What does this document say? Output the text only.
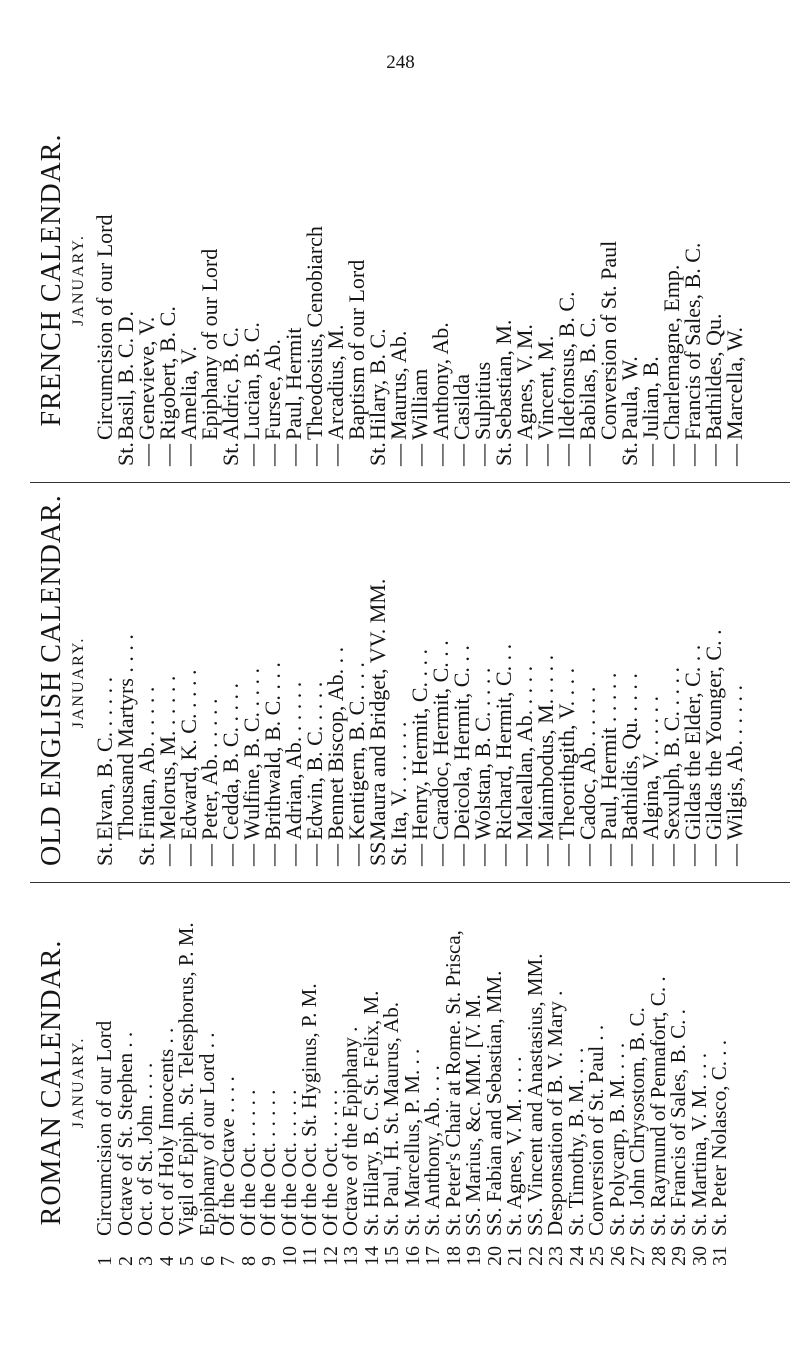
248
ROMAN CALENDAR. JANUARY.
1
Circumcision of our Lord
2
Octave of St. Stephen . .
3
Oct. of St. John . . . .
4
Oct of Holy Innocents . .
5
Vigil of Epiph. St. Telesphorus, P. M.
6
Epiphany of our Lord . .
7
Of the Octave . . . .
8
Of the Oct. . . . . .
9
Of the Oct. . . . . .
10
Of the Oct. . . . . .
11
Of the Oct. St. Hyginus, P. M.
12
Of the Oct. . . . . .
13
Octave of the Epiphany .
14
St. Hilary, B. C. St. Felix, M.
15
St. Paul, H. St. Maurus, Ab.
16
St. Marcellus, P. M. . .
17
St. Anthony, Ab. . . .
18
St. Peter's Chair at Rome. St. Prisca,
19
SS. Marius, &c. MM. [V. M.
20
SS. Fabian and Sebastian, MM.
21
St. Agnes, V. M. . . . .
22
SS. Vincent and Anastasius, MM.
23
Desponsation of B. V. Mary .
24
St. Timothy, B. M. . . .
25
Conversion of St. Paul . .
26
St. Polycarp, B. M. . . .
27
St. John Chrysostom, B. C.
28
St. Raymund of Pennafort, C. .
29
St. Francis of Sales, B. C. .
30
St. Martina, V. M. . . .
31
St. Peter Nolasco, C. . .
OLD ENGLISH CALENDAR. JANUARY.
St.
Elvan, B. C. . . . . .
Thousand Martyrs . . . .
St.
Fintan, Ab. . . . . .
—
Melorus, M. . . . . .
—
Edward, K. C. . . . .
—
Peter, Ab. . . . . .
—
Cedda, B. C. . . . .
—
Wulfine, B. C. . . . .
—
Brithwald, B. C. . . .
—
Adrian, Ab. . . . . .
—
Edwin, B. C. . . . .
—
Bennet Biscop, Ab. . .
—
Kentigern, B. C. . . .
SS.
Maura and Bridget, VV. MM.
St.
Ita, V. . . . . . .
—
Henry, Hermit, C. . . .
—
Caradoc, Hermit, C. . .
—
Deicola, Hermit, C. . .
—
Wolstan, B. C. . . . .
—
Richard, Hermit, C. . .
—
Maleallan, Ab. . . . .
—
Maimbodus, M. . . . .
—
Theorithgith, V. . . .
—
Cadoc, Ab. . . . . .
—
Paul, Hermit . . . . .
—
Bathildis, Qu. . . . .
—
Algina, V. . . . . .
—
Sexulph, B. C. . . . .
—
Gildas the Elder, C. . .
—
Gildas the Younger, C. .
—
Wilgis, Ab. . . . . .
FRENCH CALENDAR. JANUARY. Circumcision of our Lord
St.
Basil, B. C. D.
—
Genevieve, V.
—
Rigobert, B. C.
—
Amelia, V.
Epiphany of our Lord
St.
Aldric, B. C.
—
Lucian, B. C.
—
Fursee, Ab.
—
Paul, Hermit
—
Theodosius, Cenobiarch
—
Arcadius, M.
Baptism of our Lord
St.
Hilary, B. C.
—
Maurus, Ab.
—
William
—
Anthony, Ab.
—
Casilda
—
Sulpitius
St.
Sebastian, M.
—
Agnes, V. M.
—
Vincent, M.
—
Ildefonsus, B. C.
—
Babilas, B. C.
Conversion of St. Paul
St.
Paula, W.
—
Julian, B.
—
Charlemagne, Emp.
—
Francis of Sales, B. C.
—
Bathildes, Qu.
—
Marcella, W.
